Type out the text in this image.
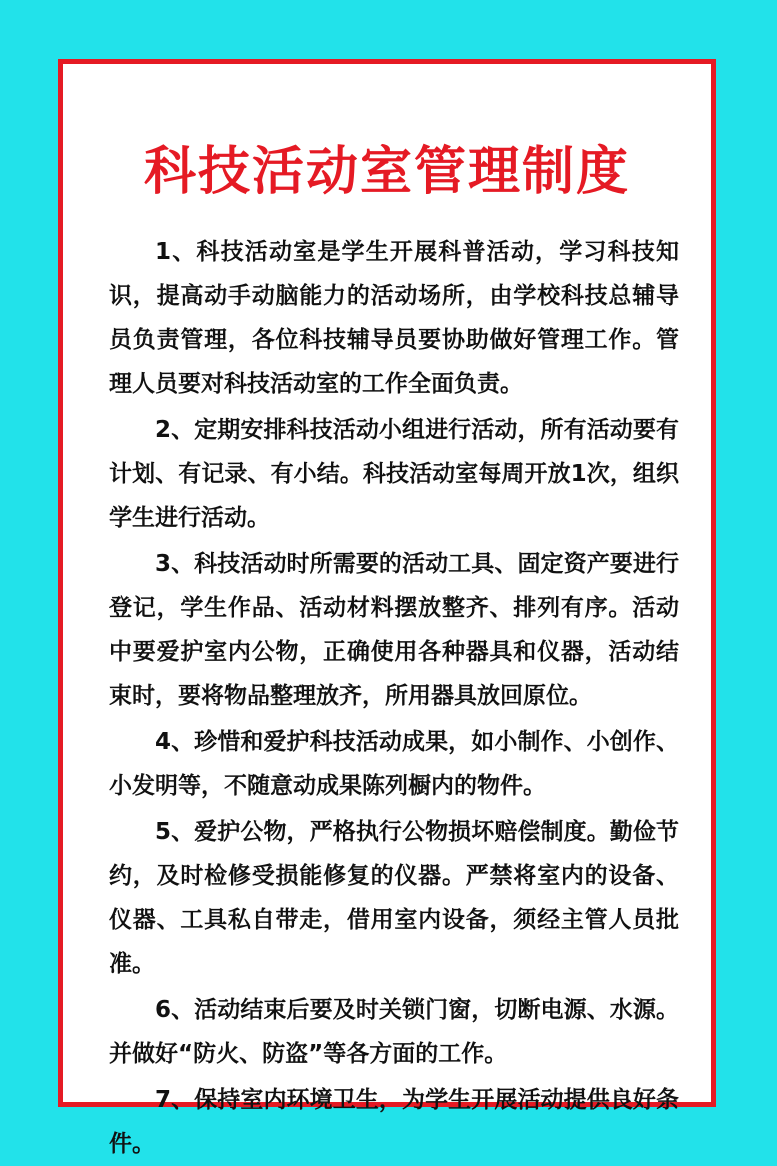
科技活动室管理制度

1、科技活动室是学生开展科普活动，学习科技知识，提高动手动脑能力的活动场所，由学校科技总辅导员负责管理，各位科技辅导员要协助做好管理工作。管理人员要对科技活动室的工作全面负责。

2、定期安排科技活动小组进行活动，所有活动要有计划、有记录、有小结。科技活动室每周开放1次，组织学生进行活动。

3、科技活动时所需要的活动工具、固定资产要进行登记，学生作品、活动材料摆放整齐、排列有序。活动中要爱护室内公物，正确使用各种器具和仪器，活动结束时，要将物品整理放齐，所用器具放回原位。

4、珍惜和爱护科技活动成果，如小制作、小创作、小发明等，不随意动成果陈列橱内的物件。

5、爱护公物，严格执行公物损坏赔偿制度。勤俭节约，及时检修受损能修复的仪器。严禁将室内的设备、仪器、工具私自带走，借用室内设备，须经主管人员批准。

6、活动结束后要及时关锁门窗，切断电源、水源。并做好“防火、防盗”等各方面的工作。

7、保持室内环境卫生，为学生开展活动提供良好条件。
